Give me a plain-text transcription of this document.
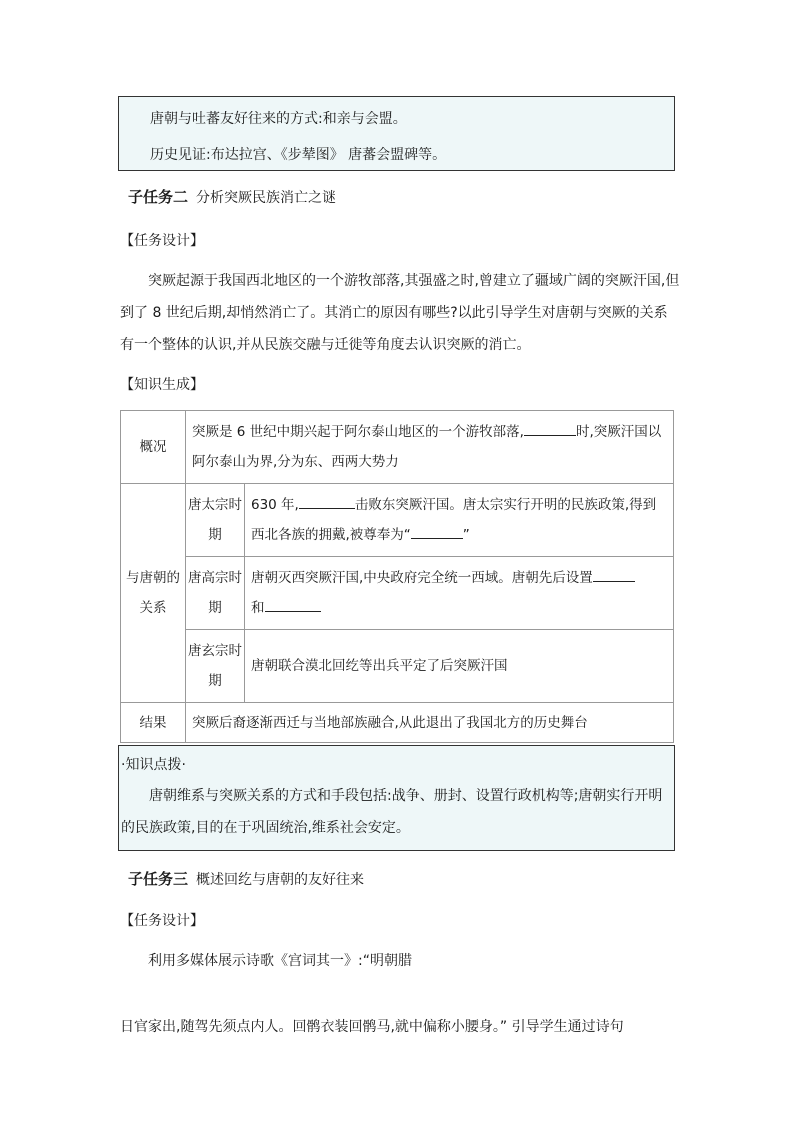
唐朝与吐蕃友好往来的方式:和亲与会盟。

历史见证:布达拉宫、《步辇图》 唐蕃会盟碑等。

子任务二 分析突厥民族消亡之谜
【任务设计】

突厥起源于我国西北地区的一个游牧部落,其强盛之时,曾建立了疆域广阔的突厥汗国,但到了 8 世纪后期,却悄然消亡了。其消亡的原因有哪些?以此引导学生对唐朝与突厥的关系有一个整体的认识,并从民族交融与迁徙等角度去认识突厥的消亡。

【知识生成】
概况	突厥是 6 世纪中期兴起于阿尔泰山地区的一个游牧部落, 时,突厥汗国以阿尔泰山为界,分为东、西两大势力	
与唐朝的关系	唐太宗时期	630 年, 击败东突厥汗国。唐太宗实行开明的民族政策,得到西北各族的拥戴,被尊奉为“ ”
	唐高宗时期	唐朝灭西突厥汗国,中央政府完全统一西域。唐朝先后设置
和
	唐玄宗时期	唐朝联合漠北回纥等出兵平定了后突厥汗国
结果	突厥后裔逐渐西迁与当地部族融合,从此退出了我国北方的历史舞台	

·知识点拨·

唐朝维系与突厥关系的方式和手段包括:战争、册封、设置行政机构等;唐朝实行开明的民族政策,目的在于巩固统治,维系社会安定。

子任务三 概述回纥与唐朝的友好往来
【任务设计】

利用多媒体展示诗歌《宫词其一》:“明朝腊

日官家出,随驾先须点内人。回鹘衣装回鹘马,就中偏称小腰身。” 引导学生通过诗句
